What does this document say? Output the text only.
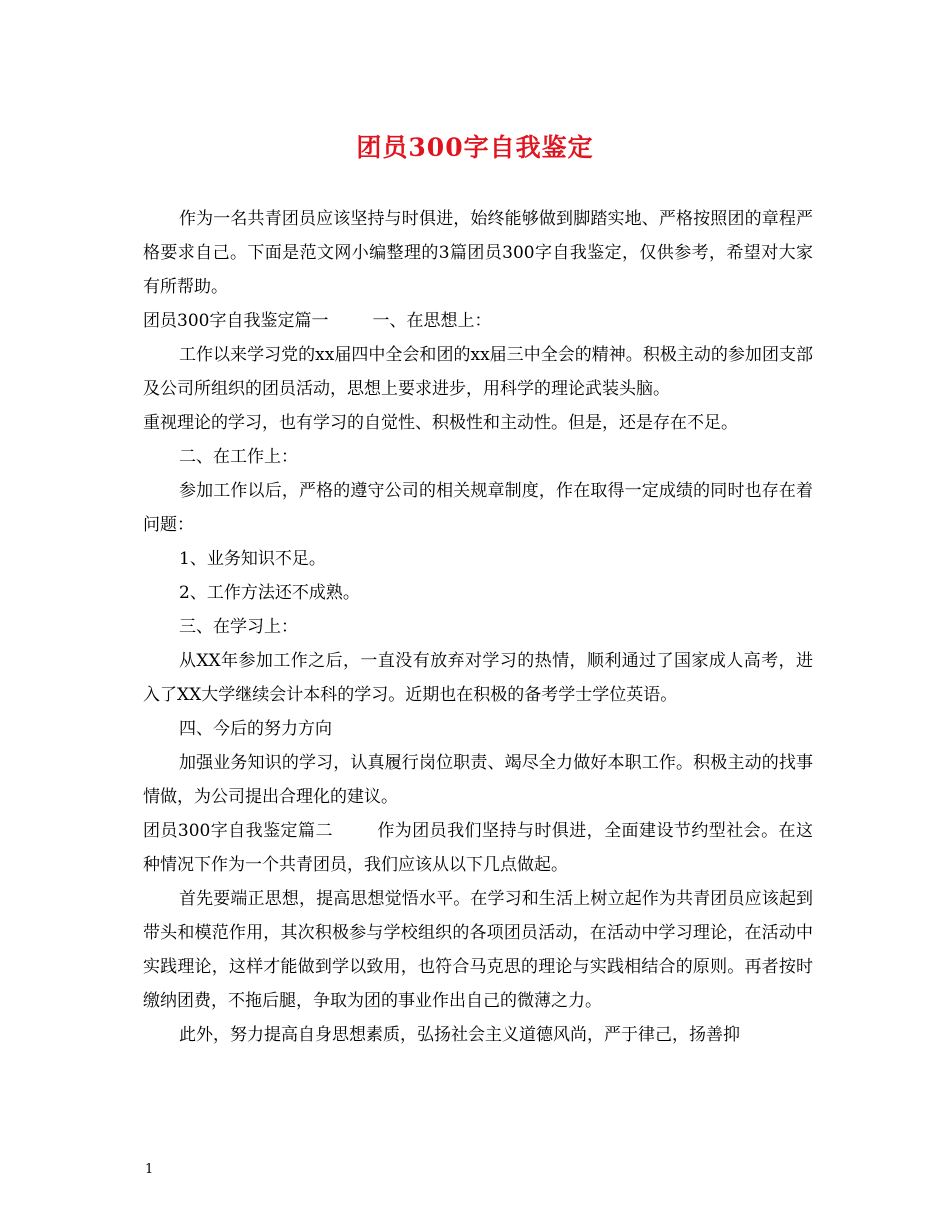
团员300字自我鉴定

作为一名共青团员应该坚持与时俱进，始终能够做到脚踏实地、严格按照团的章程严格要求自己。下面是范文网小编整理的3篇团员300字自我鉴定，仅供参考，希望对大家有所帮助。

团员300字自我鉴定篇一	一、在思想上：

工作以来学习党的xx届四中全会和团的xx届三中全会的精神。积极主动的参加团支部及公司所组织的团员活动，思想上要求进步，用科学的理论武装头脑。

重视理论的学习，也有学习的自觉性、积极性和主动性。但是，还是存在不足。

二、在工作上：

参加工作以后，严格的遵守公司的相关规章制度，作在取得一定成绩的同时也存在着问题：

1、业务知识不足。

2、工作方法还不成熟。

三、在学习上：

从XX年参加工作之后，一直没有放弃对学习的热情，顺利通过了国家成人高考，进入了XX大学继续会计本科的学习。近期也在积极的备考学士学位英语。

四、今后的努力方向

加强业务知识的学习，认真履行岗位职责、竭尽全力做好本职工作。积极主动的找事情做，为公司提出合理化的建议。

团员300字自我鉴定篇二	作为团员我们坚持与时俱进，全面建设节约型社会。在这种情况下作为一个共青团员，我们应该从以下几点做起。

首先要端正思想，提高思想觉悟水平。在学习和生活上树立起作为共青团员应该起到带头和模范作用，其次积极参与学校组织的各项团员活动，在活动中学习理论，在活动中实践理论，这样才能做到学以致用，也符合马克思的理论与实践相结合的原则。再者按时缴纳团费，不拖后腿，争取为团的事业作出自己的微薄之力。

此外，努力提高自身思想素质，弘扬社会主义道德风尚，严于律己，扬善抑

1
